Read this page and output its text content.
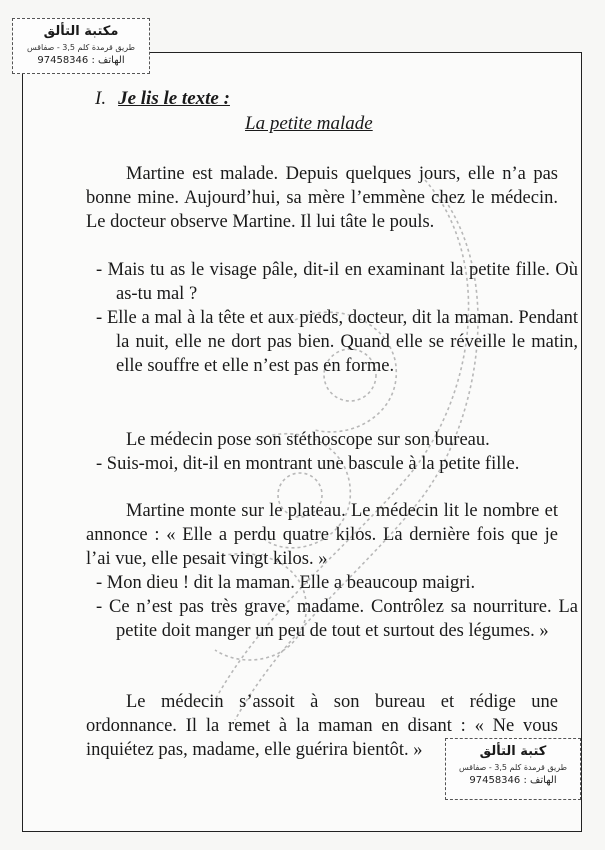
مكتبة التألق
طريق قرمدة كلم 3,5 - صفاقس
الهاتف : 97458346
I. Je lis le texte :
La petite malade

Martine est malade. Depuis quelques jours, elle n’a pas bonne mine. Aujourd’hui, sa mère l’emmène chez le médecin. Le docteur observe Martine. Il lui tâte le pouls.

- Mais tu as le visage pâle, dit-il en examinant la petite fille. Où as-tu mal ?

- Elle a mal à la tête et aux pieds, docteur, dit la maman. Pendant la nuit, elle ne dort pas bien. Quand elle se réveille le matin, elle souffre et elle n’est pas en forme.

Le médecin pose son stéthoscope sur son bureau.

- Suis-moi, dit-il en montrant une bascule à la petite fille.

Martine monte sur le plateau. Le médecin lit le nombre et annonce : « Elle a perdu quatre kilos. La dernière fois que je l’ai vue, elle pesait vingt kilos. »

- Mon dieu ! dit la maman. Elle a beaucoup maigri.

- Ce n’est pas très grave, madame. Contrôlez sa nourriture. La petite doit manger un peu de tout et surtout des légumes. »

Le médecin s’assoit à son bureau et rédige une ordonnance. Il la remet à la maman en disant : « Ne vous inquiétez pas, madame, elle guérira bientôt. »	كتبة التألق
طريق قرمدة كلم 3,5 - صفاقس
الهاتف : 97458346
